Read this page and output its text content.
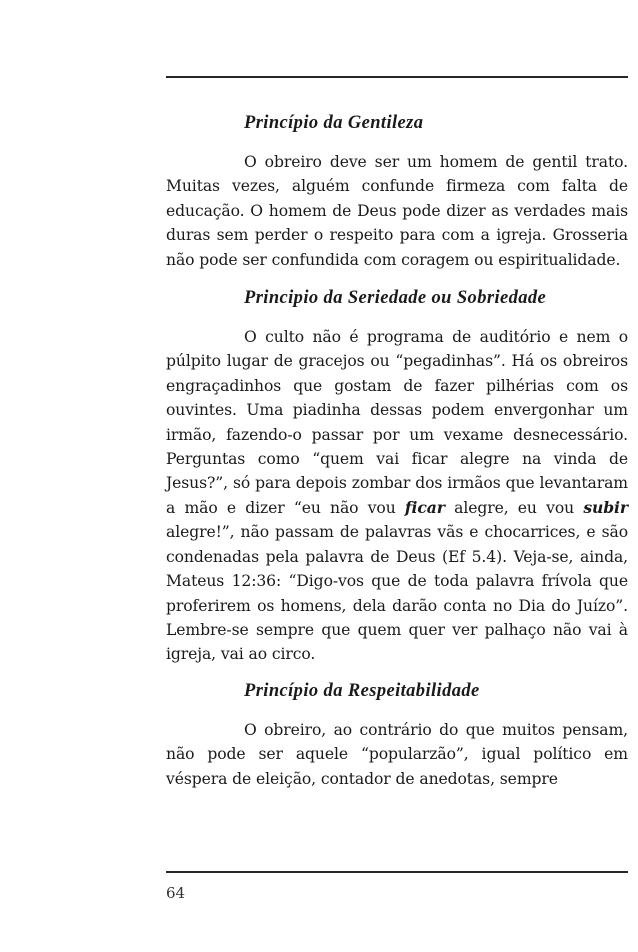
Princípio da Gentileza

O obreiro deve ser um homem de gentil trato. Muitas vezes, alguém confunde firmeza com falta de educação. O homem de Deus pode dizer as verdades mais duras sem perder o respeito para com a igreja. Grosseria não pode ser confundida com coragem ou espiritualidade.

Principio da Seriedade ou Sobriedade

O culto não é programa de auditório e nem o púlpito lugar de gracejos ou “pegadinhas”. Há os obreiros engraçadinhos que gostam de fazer pilhérias com os ouvintes. Uma piadinha dessas podem envergonhar um irmão, fazendo-o passar por um vexame desnecessário. Perguntas como “quem vai ficar alegre na vinda de Jesus?”, só para depois zombar dos irmãos que levantaram a mão e dizer “eu não vou ficar alegre, eu vou subir alegre!”, não passam de palavras vãs e chocarrices, e são condenadas pela palavra de Deus (Ef 5.4). Veja-se, ainda, Mateus 12:36: “Digo-vos que de toda palavra frívola que proferirem os homens, dela darão conta no Dia do Juízo”. Lembre-se sempre que quem quer ver palhaço não vai à igreja, vai ao circo.

Princípio da Respeitabilidade

O obreiro, ao contrário do que muitos pensam, não pode ser aquele “popularzão”, igual político em véspera de eleição, contador de anedotas, sempre

64
